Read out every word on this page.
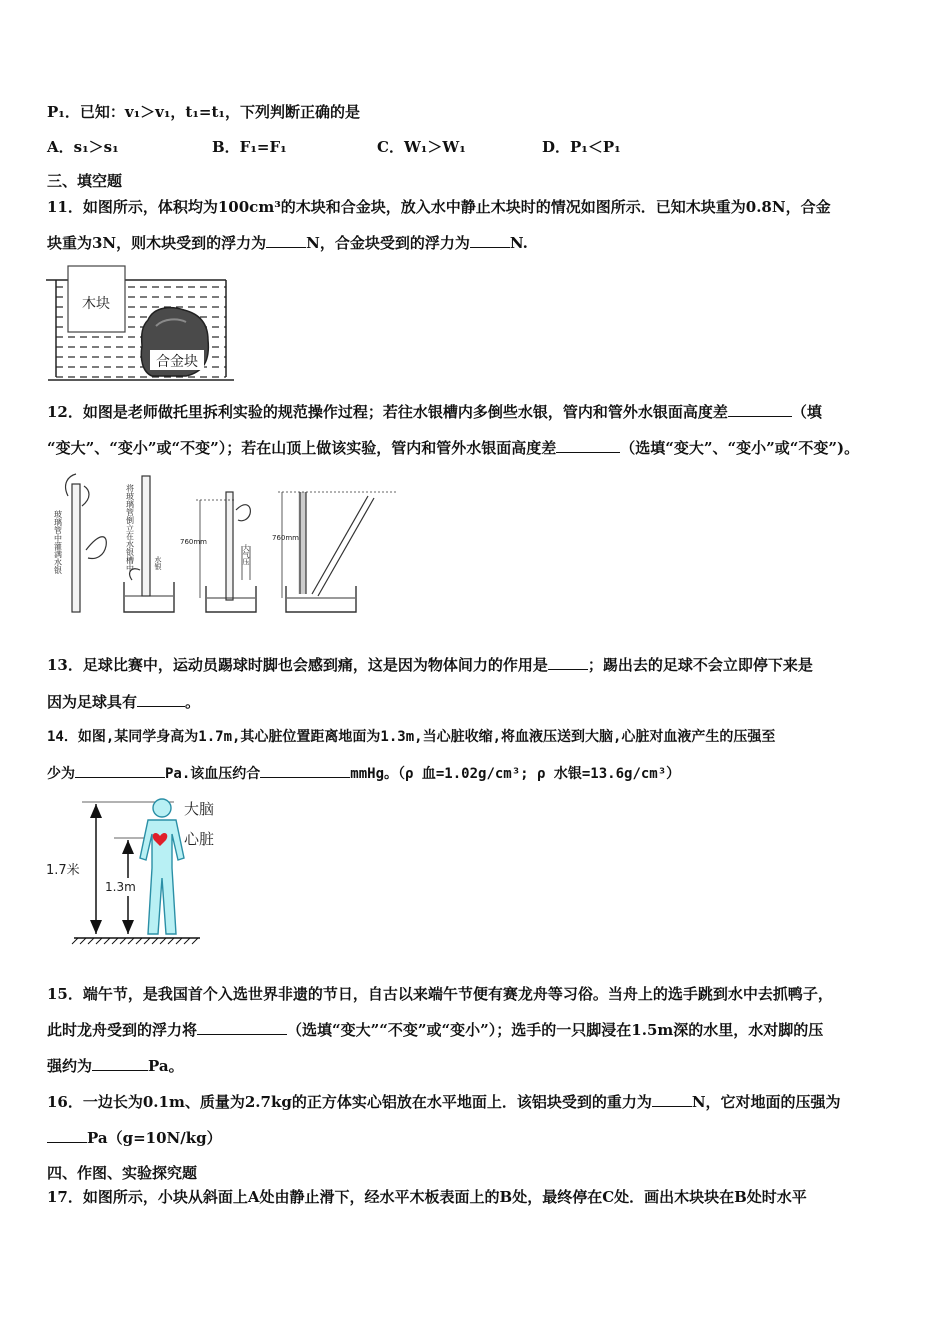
P₁．已知：v₁＞v₁，t₁=t₁，下列判断正确的是
A．s₁＞s₁	B．F₁=F₁	C．W₁＞W₁	D．P₁＜P₁
三、填空题
11．如图所示，体积均为100cm³的木块和合金块，放入水中静止木块时的情况如图所示．已知木块重为0.8N，合金
块重为3N，则木块受到的浮力为	N，合金块受到的浮力为	N.
木块
合金块
12．如图是老师做托里拆利实验的规范操作过程；若往水银槽内多倒些水银，管内和管外水银面高度差	（填
“变大”、“变小”或“不变”）；若在山顶上做该实验，管内和管外水银面高度差	（选填“变大”、“变小”或“不变”)。
玻璃管中灌满水银	将玻璃管倒立在水银槽中	水银
760mm
大气压
760mm
13．足球比赛中，运动员踢球时脚也会感到痛，这是因为物体间力的作用是	；踢出去的足球不会立即停下来是
因为足球具有	。
14．如图,某同学身高为1.7m,其心脏位置距离地面为1.3m,当心脏收缩,将血液压送到大脑,心脏对血液产生的压强至
少为	Pa.该血压约合	mmHg。（ρ 血=1.02g/cm³; ρ 水银=13.6g/cm³）
1.7米
1.3m
大脑
心脏
15．端午节，是我国首个入选世界非遗的节日，自古以来端午节便有赛龙舟等习俗。当舟上的选手跳到水中去抓鸭子，
此时龙舟受到的浮力将	（选填“变大”“不变”或“变小”）；选手的一只脚浸在1.5m深的水里，水对脚的压
强约为	Pa。
16．一边长为0.1m、质量为2.7kg的正方体实心铝放在水平地面上．该铝块受到的重力为	N，它对地面的压强为
Pa（g=10N/kg）
四、作图、实验探究题
17．如图所示，小块从斜面上A处由静止滑下，经水平木板表面上的B处，最终停在C处．画出木块块在B处时水平
